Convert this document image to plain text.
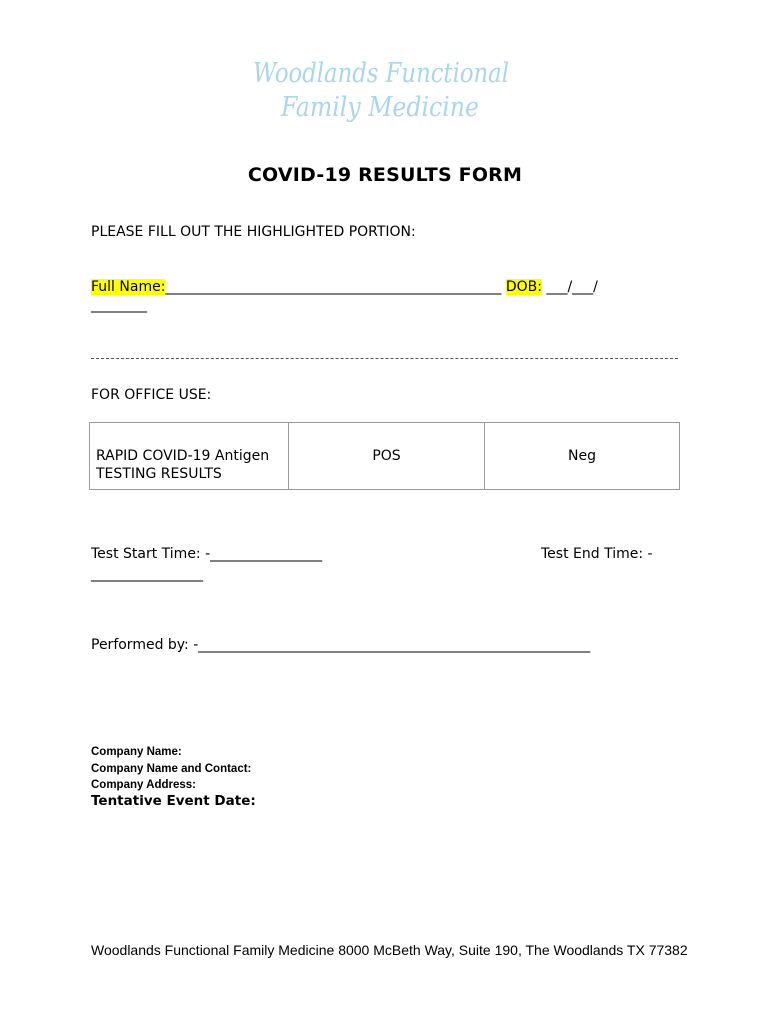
Woodlands Functional
Family Medicine
COVID-19 RESULTS FORM
PLEASE FILL OUT THE HIGHLIGHTED PORTION:
Full Name:________________________________________________ DOB: ___/___/
________
FOR OFFICE USE:
RAPID COVID-19 Antigen TESTING RESULTS	POS	Neg
Test Start Time: -________________	Test End Time: -
________________
Performed by: -________________________________________________________
Company Name:
Company Name and Contact:
Company Address:
Tentative Event Date:
Woodlands Functional Family Medicine 8000 McBeth Way, Suite 190, The Woodlands TX 77382
